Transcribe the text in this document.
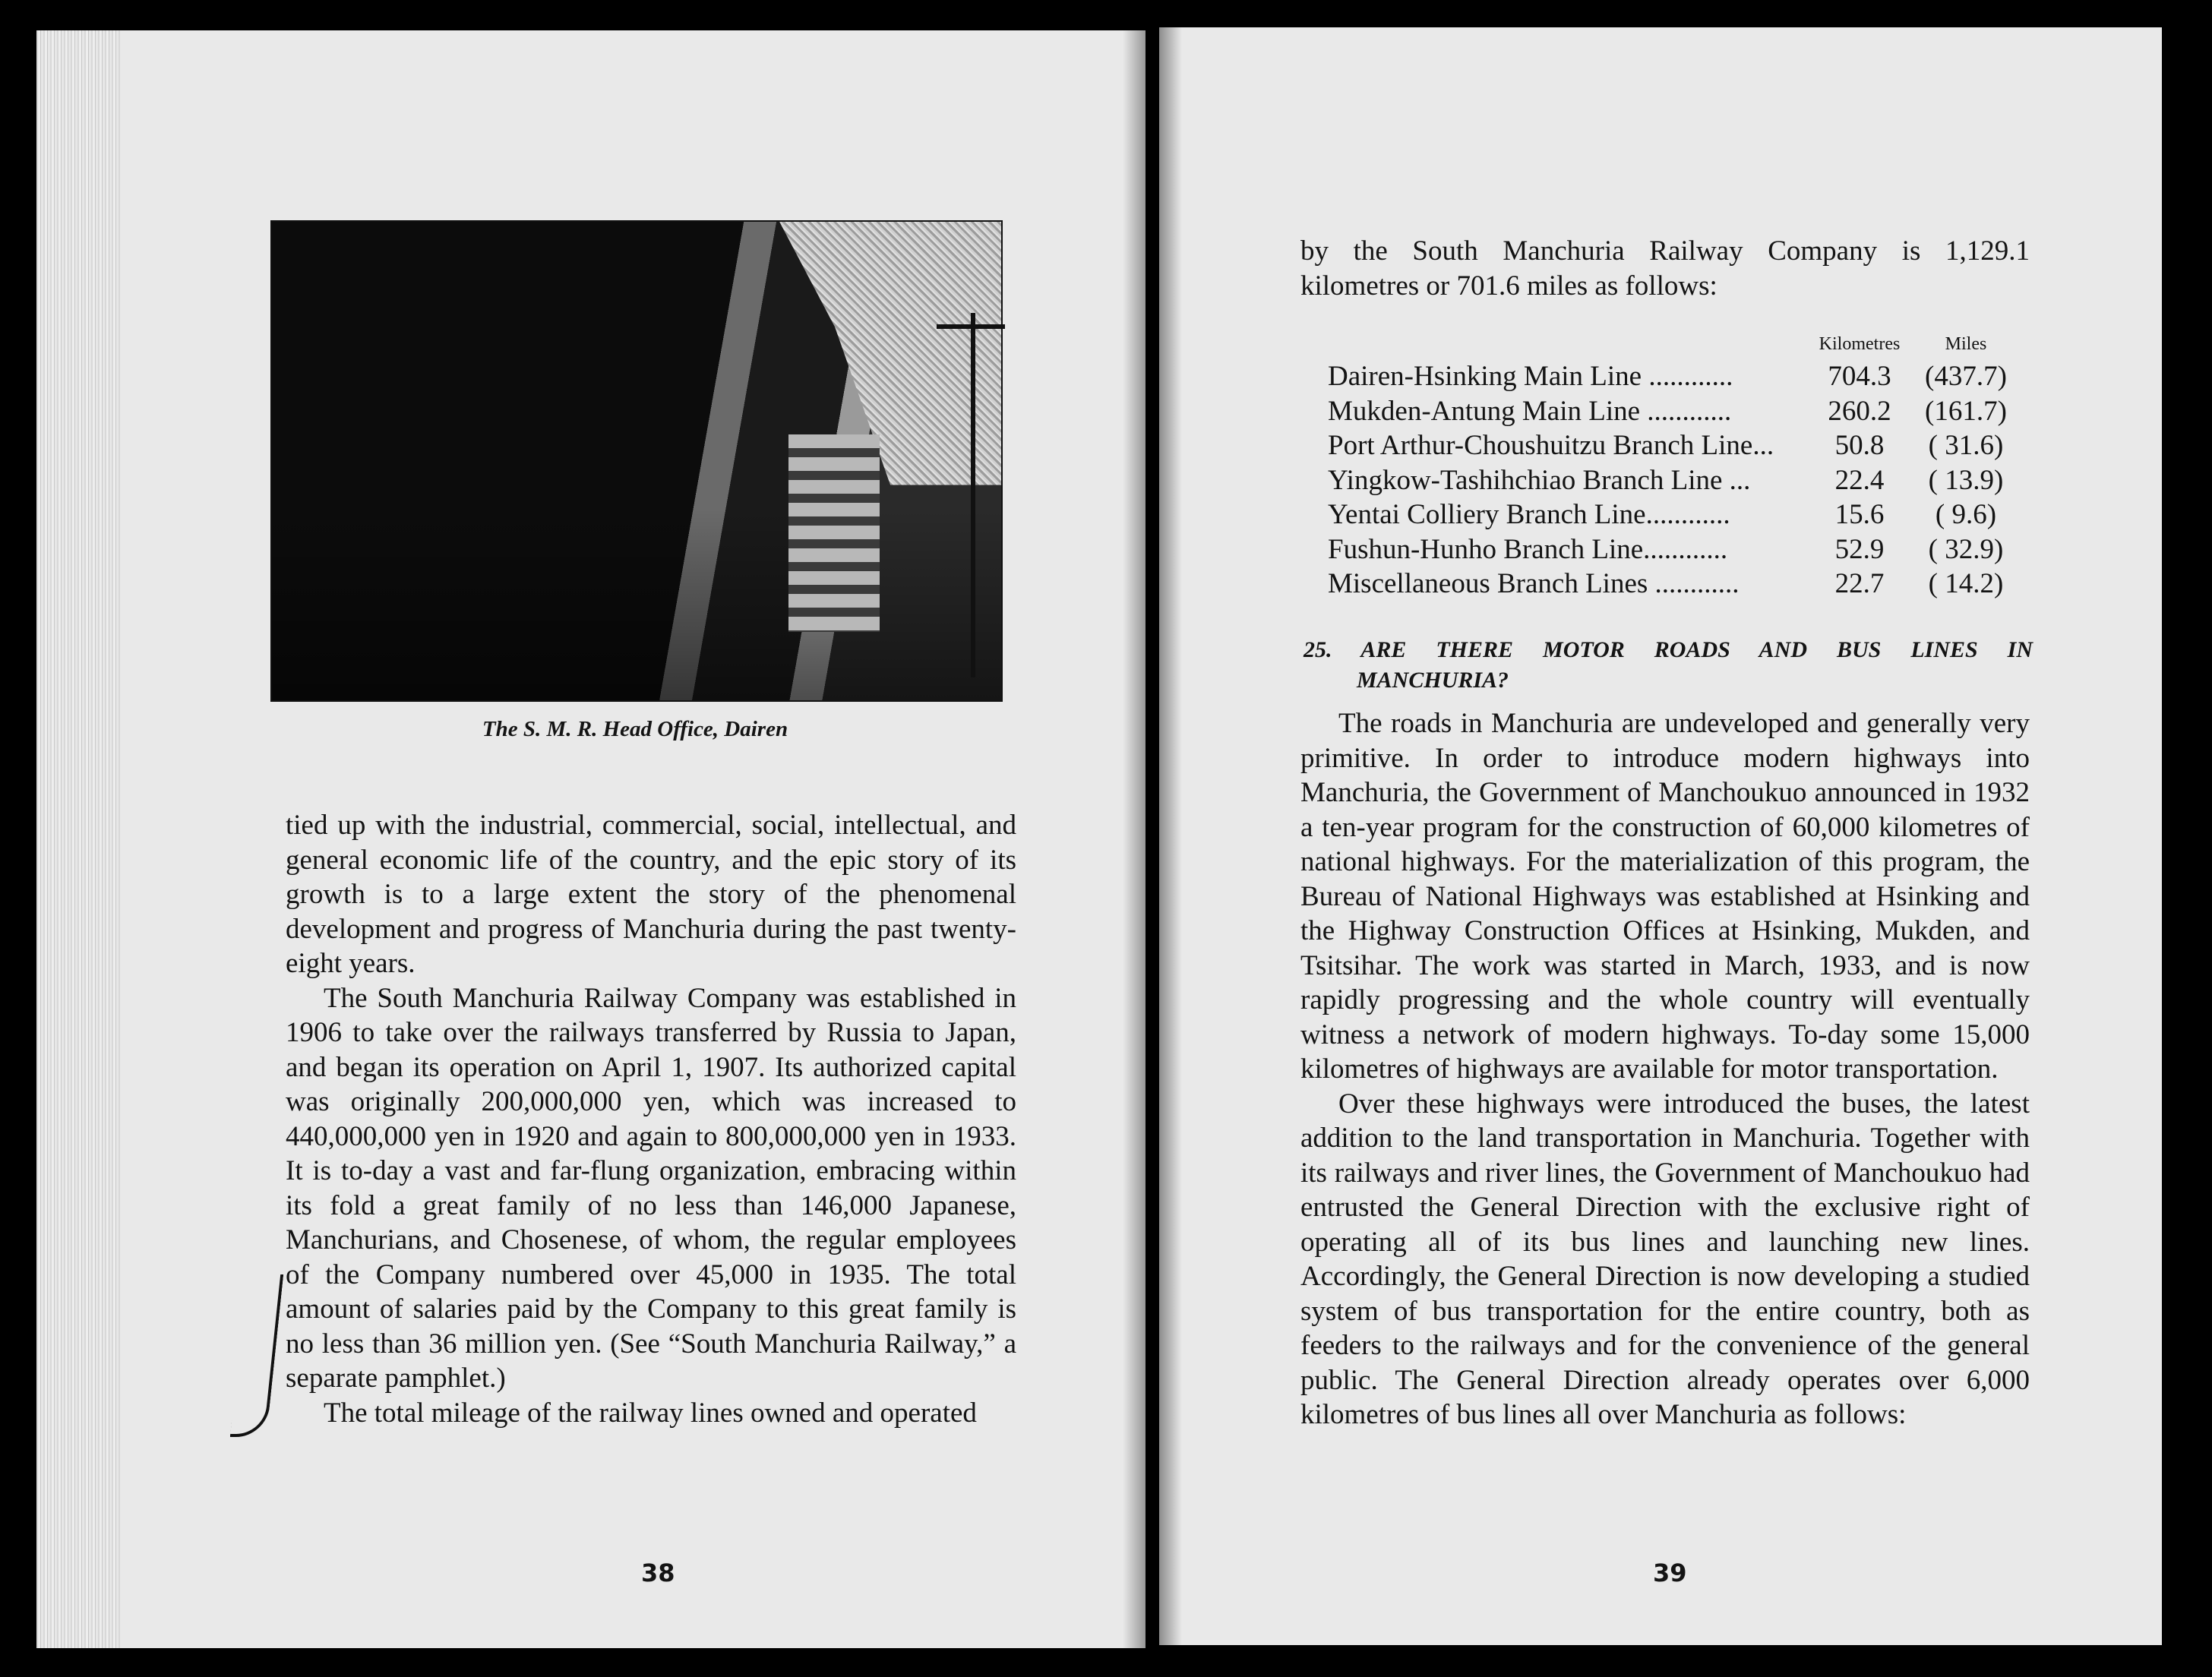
The S. M. R. Head Office, Dairen

tied up with the industrial, commercial, social, intellectual, and general economic life of the country, and the epic story of its growth is to a large extent the story of the phenomenal development and progress of Manchuria during the past twenty-eight years.

The South Manchuria Railway Company was established in 1906 to take over the railways transferred by Russia to Japan, and began its operation on April 1, 1907. Its authorized capital was originally 200,000,000 yen, which was increased to 440,000,000 yen in 1920 and again to 800,000,000 yen in 1933. It is to-day a vast and far-flung organization, embracing within its fold a great family of no less than 146,000 Japanese, Manchurians, and Chosenese, of whom, the regular employees of the Company numbered over 45,000 in 1935. The total amount of salaries paid by the Company to this great family is no less than 36 million yen. (See “South Manchuria Railway,” a separate pamphlet.)

The total mileage of the railway lines owned and operated

38

by the South Manchuria Railway Company is 1,129.1 kilometres or 701.6 miles as follows:

	Kilometres	Miles
Dairen-Hsinking Main Line ............	704.3	(437.7)
Mukden-Antung Main Line ............	260.2	(161.7)
Port Arthur-Choushuitzu Branch Line...	50.8	( 31.6)
Yingkow-Tashihchiao Branch Line ...	22.4	( 13.9)
Yentai Colliery Branch Line............	15.6	( 9.6)
Fushun-Hunho Branch Line............	52.9	( 32.9)
Miscellaneous Branch Lines ............	22.7	( 14.2)
25. ARE THERE MOTOR ROADS AND BUS LINES IN
MANCHURIA?

The roads in Manchuria are undeveloped and generally very primitive. In order to introduce modern highways into Manchuria, the Government of Manchoukuo announced in 1932 a ten-year program for the construction of 60,000 kilometres of national highways. For the materialization of this program, the Bureau of National Highways was established at Hsinking and the Highway Construction Offices at Hsinking, Mukden, and Tsitsihar. The work was started in March, 1933, and is now rapidly progressing and the whole country will eventually witness a network of modern highways. To-day some 15,000 kilometres of highways are available for motor transportation.

Over these highways were introduced the buses, the latest addition to the land transportation in Manchuria. Together with its railways and river lines, the Government of Manchoukuo had entrusted the General Direction with the exclusive right of operating all of its bus lines and launching new lines. Accordingly, the General Direction is now developing a studied system of bus transportation for the entire country, both as feeders to the railways and for the convenience of the general public. The General Direction already operates over 6,000 kilometres of bus lines all over Manchuria as follows:

39
